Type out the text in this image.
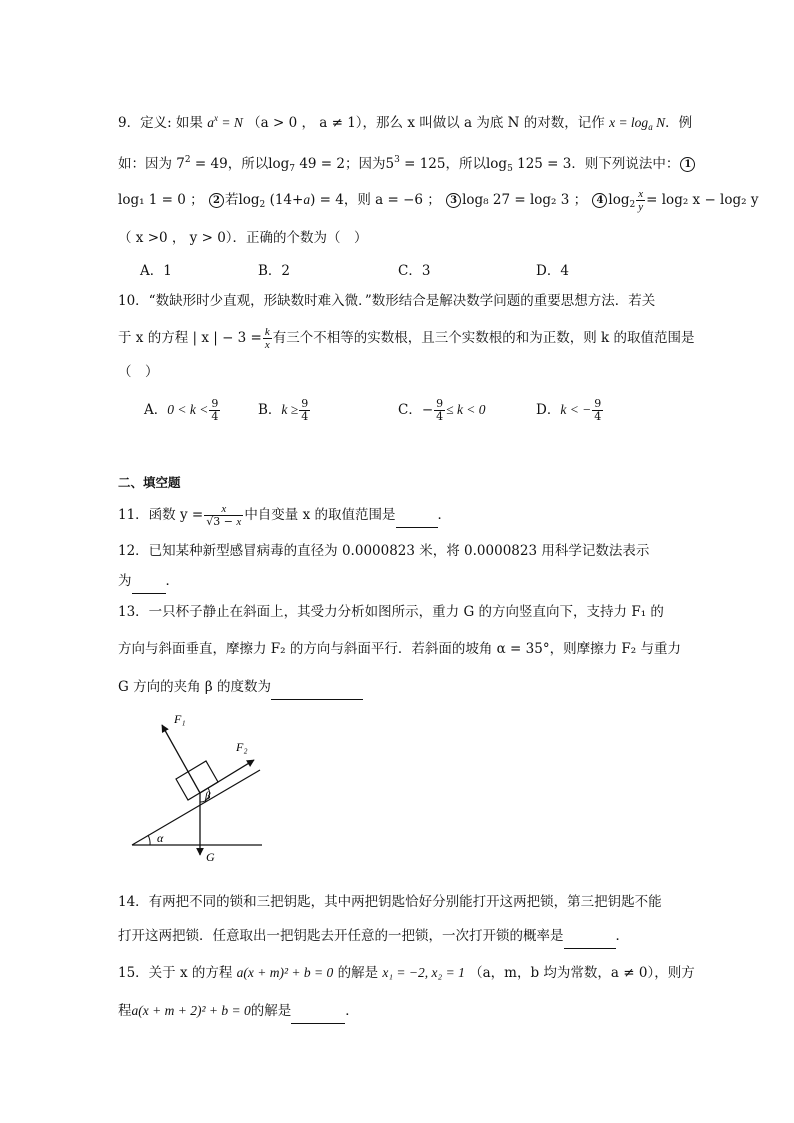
9．定义: 如果 $a^x = N$ （a > 0 ， a ≠ 1），那么 x 叫做以 a 为底 N 的对数，记作 $x = \log_a N$．例
如：因为 $7^2 = 49$，所以$\log_7 49 = 2$；因为$5^3 = 125$，所以$\log_5 125 = 3$．则下列说法中： 1
log₁ 1 = 0 ； 2 若$\log_2 (14+a) = 4$，则 a = −6 ； 3 log₈ 27 = log₂ 3 ； 4 $\log_2 \frac{x}{y} = \log_2$ x − log₂ y
（ x >0 ， y > 0）．正确的个数为（　）
A．1	B．2	C．3	D．4
10．“数缺形时少直观，形缺数时难入微．”数形结合是解决数学问题的重要思想方法．若关
于 x 的方程 | x | − $3 = \frac{k}{x}$ 有三个不相等的实数根，且三个实数根的和为正数，则 k 的取值范围是
（　）
A．$0 < k < \frac{9}{4}$	B．$k \ge \frac{9}{4}$	C．− $\frac{9}{4} \le k < 0$	D．k < − $\frac{9}{4}$
二、填空题
11．函数 $y = \frac{x}{√3 - x}$ 中自变量 x 的取值范围是	．
12．已知某种新型感冒病毒的直径为 0.0000823 米，将 0.0000823 用科学记数法表示
为	．
13．一只杯子静止在斜面上，其受力分析如图所示，重力 G 的方向竖直向下，支持力 F₁ 的
方向与斜面垂直，摩擦力 F₂ 的方向与斜面平行．若斜面的坡角 α = 35°，则摩擦力 F₂ 与重力
G 方向的夹角 β 的度数为
F₁
F₂
G
α
β
14．有两把不同的锁和三把钥匙，其中两把钥匙恰好分别能打开这两把锁，第三把钥匙不能
打开这两把锁．任意取出一把钥匙去开任意的一把锁，一次打开锁的概率是	．
15．关于 x 的方程 a(x + m)² + b = 0 的解是 x₁ = −2, x₂ = 1 （a，m，b 均为常数，a ≠ 0），则方
程a(x + m + 2)² + b = 0的解是	．
